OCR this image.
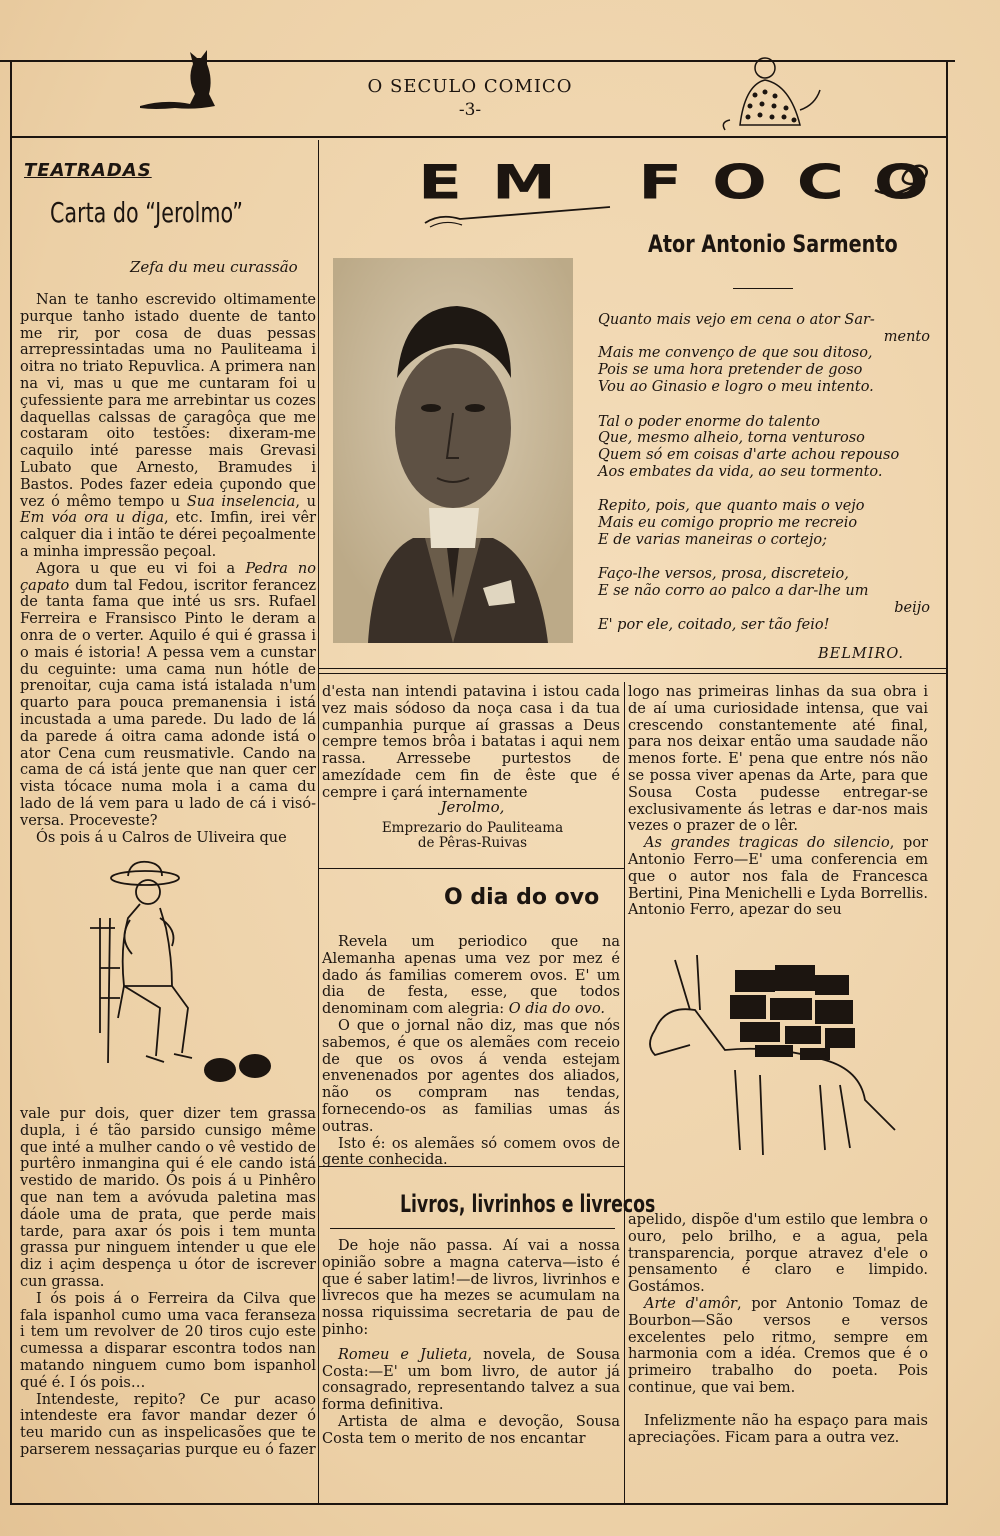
O SECULO COMICO
-3-
TEATRADAS
Carta do “Jerolmo”
Zefa du meu curassão

Nan te tanho escrevido oltimamente purque tanho istado duente de tanto me rir, por cosa de duas pessas arrepressintadas uma no Pauliteama i oitra no triato Repuvlica. A primera nan na vi, mas u que me cuntaram foi u çufessiente para me arrebintar us cozes daquellas calssas de çaragôça que me costaram oito testões: dixeram-me caquilo inté paresse mais Grevasi Lubato que Arnesto, Bramudes i Bastos. Podes fazer edeia çupondo que vez ó mêmo tempo u Sua inselencia, u Em vóa ora u diga, etc. Imfin, irei vêr calquer dia i intão te dérei peçoalmente a minha impressão peçoal.

Agora u que eu vi foi a Pedra no çapato dum tal Fedou, iscritor ferancez de tanta fama que inté us srs. Rufael Ferreira e Fransisco Pinto le deram a onra de o verter. Aquilo é qui é grassa i o mais é istoria! A pessa vem a cunstar du ceguinte: uma cama nun hótle de prenoitar, cuja cama istá istalada n'um quarto para pouca premanensia i istá incustada a uma parede. Du lado de lá da parede á oitra cama adonde istá o ator Cena cum reusmativle. Cando na cama de cá istá jente que nan quer cer vista tócace numa mola i a cama du lado de lá vem para u lado de cá i visó-versa. Proceveste?

Ós pois á u Calros de Uliveira que

vale pur dois, quer dizer tem grassa dupla, i é tão parsido cunsigo même que inté a mulher cando o vê vestido de purtêro inmangina qui é ele cando istá vestido de marido. Ós pois á u Pinhêro que nan tem a avóvuda paletina mas dáole uma de prata, que perde mais tarde, para axar ós pois i tem munta grassa pur ninguem intender u que ele diz i açim despença u ótor de iscrever cun grassa.

I ós pois á o Ferreira da Cilva que fala ispanhol cumo uma vaca feranseza i tem um revolver de 20 tiros cujo este cumessa a disparar escontra todos nan matando ninguem cumo bom ispanhol qué é. I ós pois…

Intendeste, repito? Ce pur acaso intendeste era favor mandar dezer ó teu marido cun as inspelicasões que te parserem nessaçarias purque eu ó fazer

EM FOCO
Ator Antonio Sarmento
Quanto mais vejo em cena o ator Sar-
mento
Mais me convenço de que sou ditoso,
Pois se uma hora pretender de goso
Vou ao Ginasio e logro o meu intento.
Tal o poder enorme do talento
Que, mesmo alheio, torna venturoso
Quem só em coisas d'arte achou repouso
Aos embates da vida, ao seu tormento.
Repito, pois, que quanto mais o vejo
Mais eu comigo proprio me recreio
E de varias maneiras o cortejo;
Faço-lhe versos, prosa, discreteio,
E se não corro ao palco a dar-lhe um
beijo
E' por ele, coitado, ser tão feio!
BELMIRO.

d'esta nan intendi patavina i istou cada vez mais sódoso da noça casa i da tua cumpanhia purque aí grassas a Deus cempre temos brôa i batatas i aqui nem rassa. Arressebe purtestos de amezídade cem fin de êste que é cempre i çará internamente

Jerolmo,
Emprezario do Pauliteama
de Pêras-Ruivas
O dia do ovo

Revela um periodico que na Alemanha apenas uma vez por mez é dado ás familias comerem ovos. E' um dia de festa, esse, que todos denominam com alegria: O dia do ovo.

O que o jornal não diz, mas que nós sabemos, é que os alemães com receio de que os ovos á venda estejam envenenados por agentes dos aliados, não os compram nas tendas, fornecendo-os as familias umas ás outras.

Isto é: os alemães só comem ovos de gente conhecida.

Livros, livrinhos e livrecos

De hoje não passa. Aí vai a nossa opinião sobre a magna caterva—isto é que é saber latim!—de livros, livrinhos e livrecos que ha mezes se acumulam na nossa riquissima secretaria de pau de pinho:

Romeu e Julieta, novela, de Sousa Costa:—E' um bom livro, de autor já consagrado, representando talvez a sua forma definitiva.

Artista de alma e devoção, Sousa Costa tem o merito de nos encantar

logo nas primeiras linhas da sua obra i de aí uma curiosidade intensa, que vai crescendo constantemente até final, para nos deixar então uma saudade não menos forte. E' pena que entre nós não se possa viver apenas da Arte, para que Sousa Costa pudesse entregar-se exclusivamente ás letras e dar-nos mais vezes o prazer de o lêr.

As grandes tragicas do silencio, por Antonio Ferro—E' uma conferencia em que o autor nos fala de Francesca Bertini, Pina Menichelli e Lyda Borrellis. Antonio Ferro, apezar do seu

apelido, dispõe d'um estilo que lembra o ouro, pelo brilho, e a agua, pela transparencia, porque atravez d'ele o pensamento é claro e limpido. Gostámos.

Arte d'amôr, por Antonio Tomaz de Bourbon—São versos e versos excelentes pelo ritmo, sempre em harmonia com a idéa. Cremos que é o primeiro trabalho do poeta. Pois continue, que vai bem.

Infelizmente não ha espaço para mais apreciações. Ficam para a outra vez.
